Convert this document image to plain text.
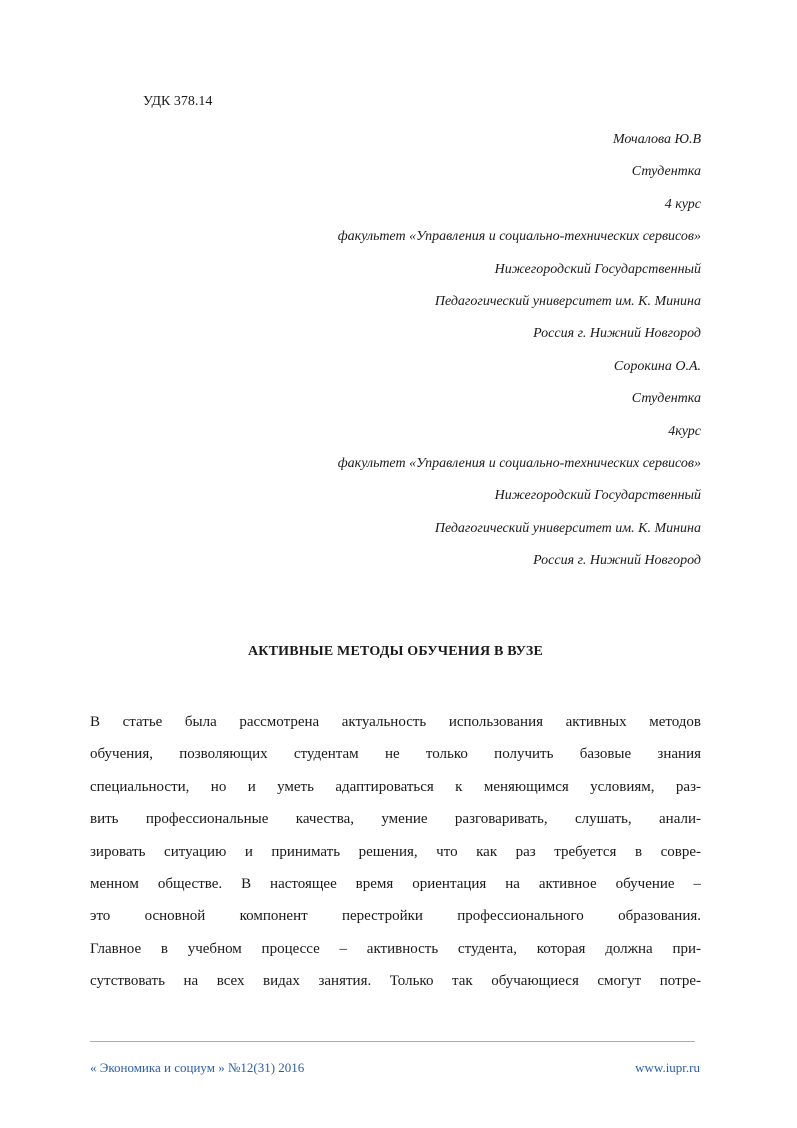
УДК 378.14
Мочалова Ю.В
Студентка
4 курс
факультет «Управления и социально-технических сервисов»
Нижегородский Государственный
Педагогический университет им. К. Минина
Россия г. Нижний Новгород
Сорокина О.А.
Студентка
4курс
факультет «Управления и социально-технических сервисов»
Нижегородский Государственный
Педагогический университет им. К. Минина
Россия г. Нижний Новгород
АКТИВНЫЕ МЕТОДЫ ОБУЧЕНИЯ В ВУЗЕ
В статье была рассмотрена актуальность использования активных методов
обучения, позволяющих студентам не только получить базовые знания
специальности, но и уметь адаптироваться к меняющимся условиям, раз-
вить профессиональные качества, умение разговаривать, слушать, анали-
зировать ситуацию и принимать решения, что как раз требуется в совре-
менном обществе. В настоящее время ориентация на активное обучение –
это основной компонент перестройки профессионального образования.
Главное в учебном процессе – активность студента, которая должна при-
сутствовать на всех видах занятия. Только так обучающиеся смогут потре-
« Экономика и социум » №12(31) 2016	www.iupr.ru
